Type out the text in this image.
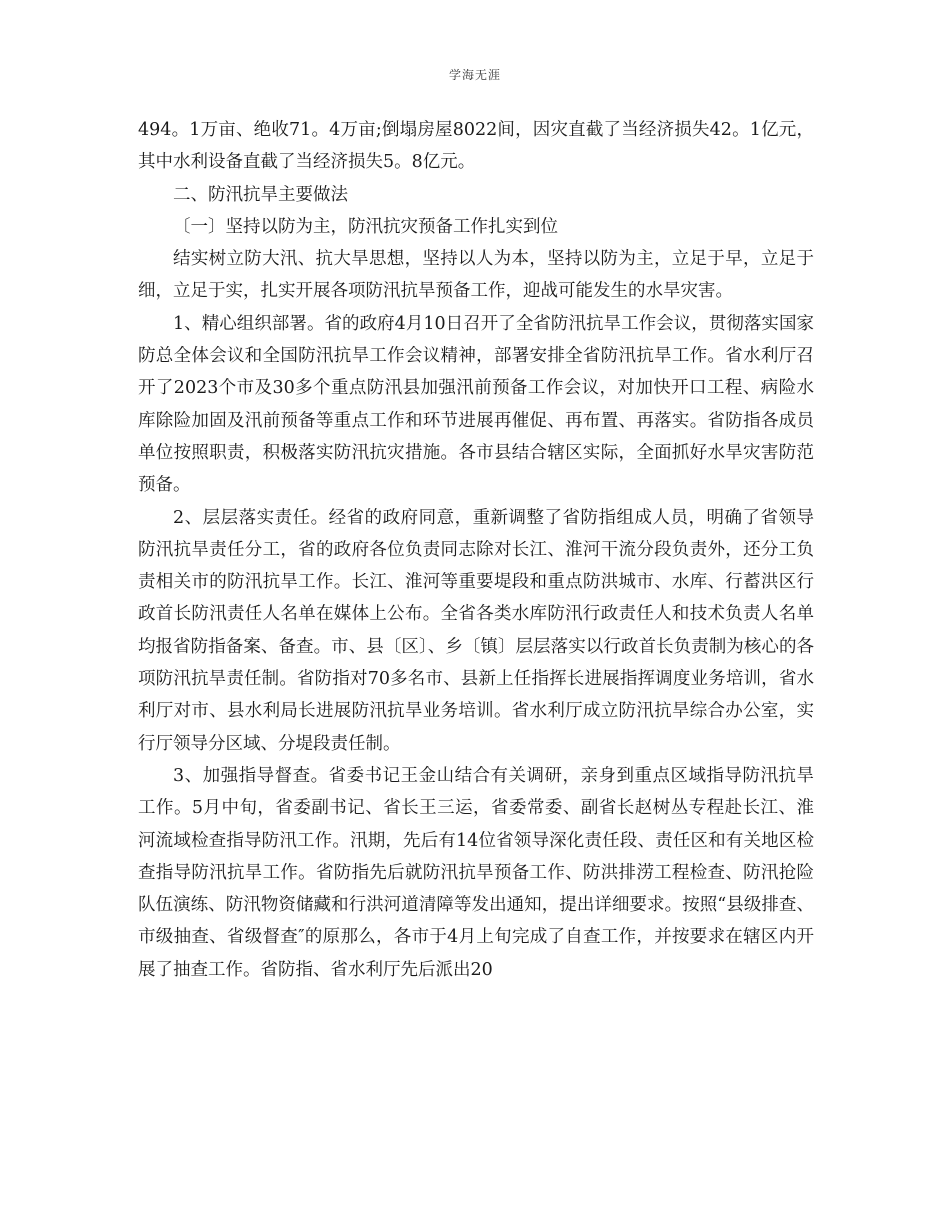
学海无涯

494。1万亩、绝收71。4万亩;倒塌房屋8022间，因灾直截了当经济损失42。1亿元，其中水利设备直截了当经济损失5。8亿元。

二、防汛抗旱主要做法

〔一〕坚持以防为主，防汛抗灾预备工作扎实到位

结实树立防大汛、抗大旱思想，坚持以人为本，坚持以防为主，立足于早，立足于细，立足于实，扎实开展各项防汛抗旱预备工作，迎战可能发生的水旱灾害。

1、精心组织部署。省的政府4月10日召开了全省防汛抗旱工作会议，贯彻落实国家防总全体会议和全国防汛抗旱工作会议精神，部署安排全省防汛抗旱工作。省水利厅召开了2023个市及30多个重点防汛县加强汛前预备工作会议，对加快开口工程、病险水库除险加固及汛前预备等重点工作和环节进展再催促、再布置、再落实。省防指各成员单位按照职责，积极落实防汛抗灾措施。各市县结合辖区实际，全面抓好水旱灾害防范预备。

2、层层落实责任。经省的政府同意，重新调整了省防指组成人员，明确了省领导防汛抗旱责任分工，省的政府各位负责同志除对长江、淮河干流分段负责外，还分工负责相关市的防汛抗旱工作。长江、淮河等重要堤段和重点防洪城市、水库、行蓄洪区行政首长防汛责任人名单在媒体上公布。全省各类水库防汛行政责任人和技术负责人名单均报省防指备案、备查。市、县〔区〕、乡〔镇〕层层落实以行政首长负责制为核心的各项防汛抗旱责任制。省防指对70多名市、县新上任指挥长进展指挥调度业务培训，省水利厅对市、县水利局长进展防汛抗旱业务培训。省水利厅成立防汛抗旱综合办公室，实行厅领导分区域、分堤段责任制。

3、加强指导督查。省委书记王金山结合有关调研，亲身到重点区域指导防汛抗旱工作。5月中旬，省委副书记、省长王三运，省委常委、副省长赵树丛专程赴长江、淮河流域检查指导防汛工作。汛期，先后有14位省领导深化责任段、责任区和有关地区检查指导防汛抗旱工作。省防指先后就防汛抗旱预备工作、防洪排涝工程检查、防汛抢险队伍演练、防汛物资储藏和行洪河道清障等发出通知，提出详细要求。按照“县级排查、市级抽查、省级督查″的原那么，各市于4月上旬完成了自查工作，并按要求在辖区内开展了抽查工作。省防指、省水利厅先后派出20
